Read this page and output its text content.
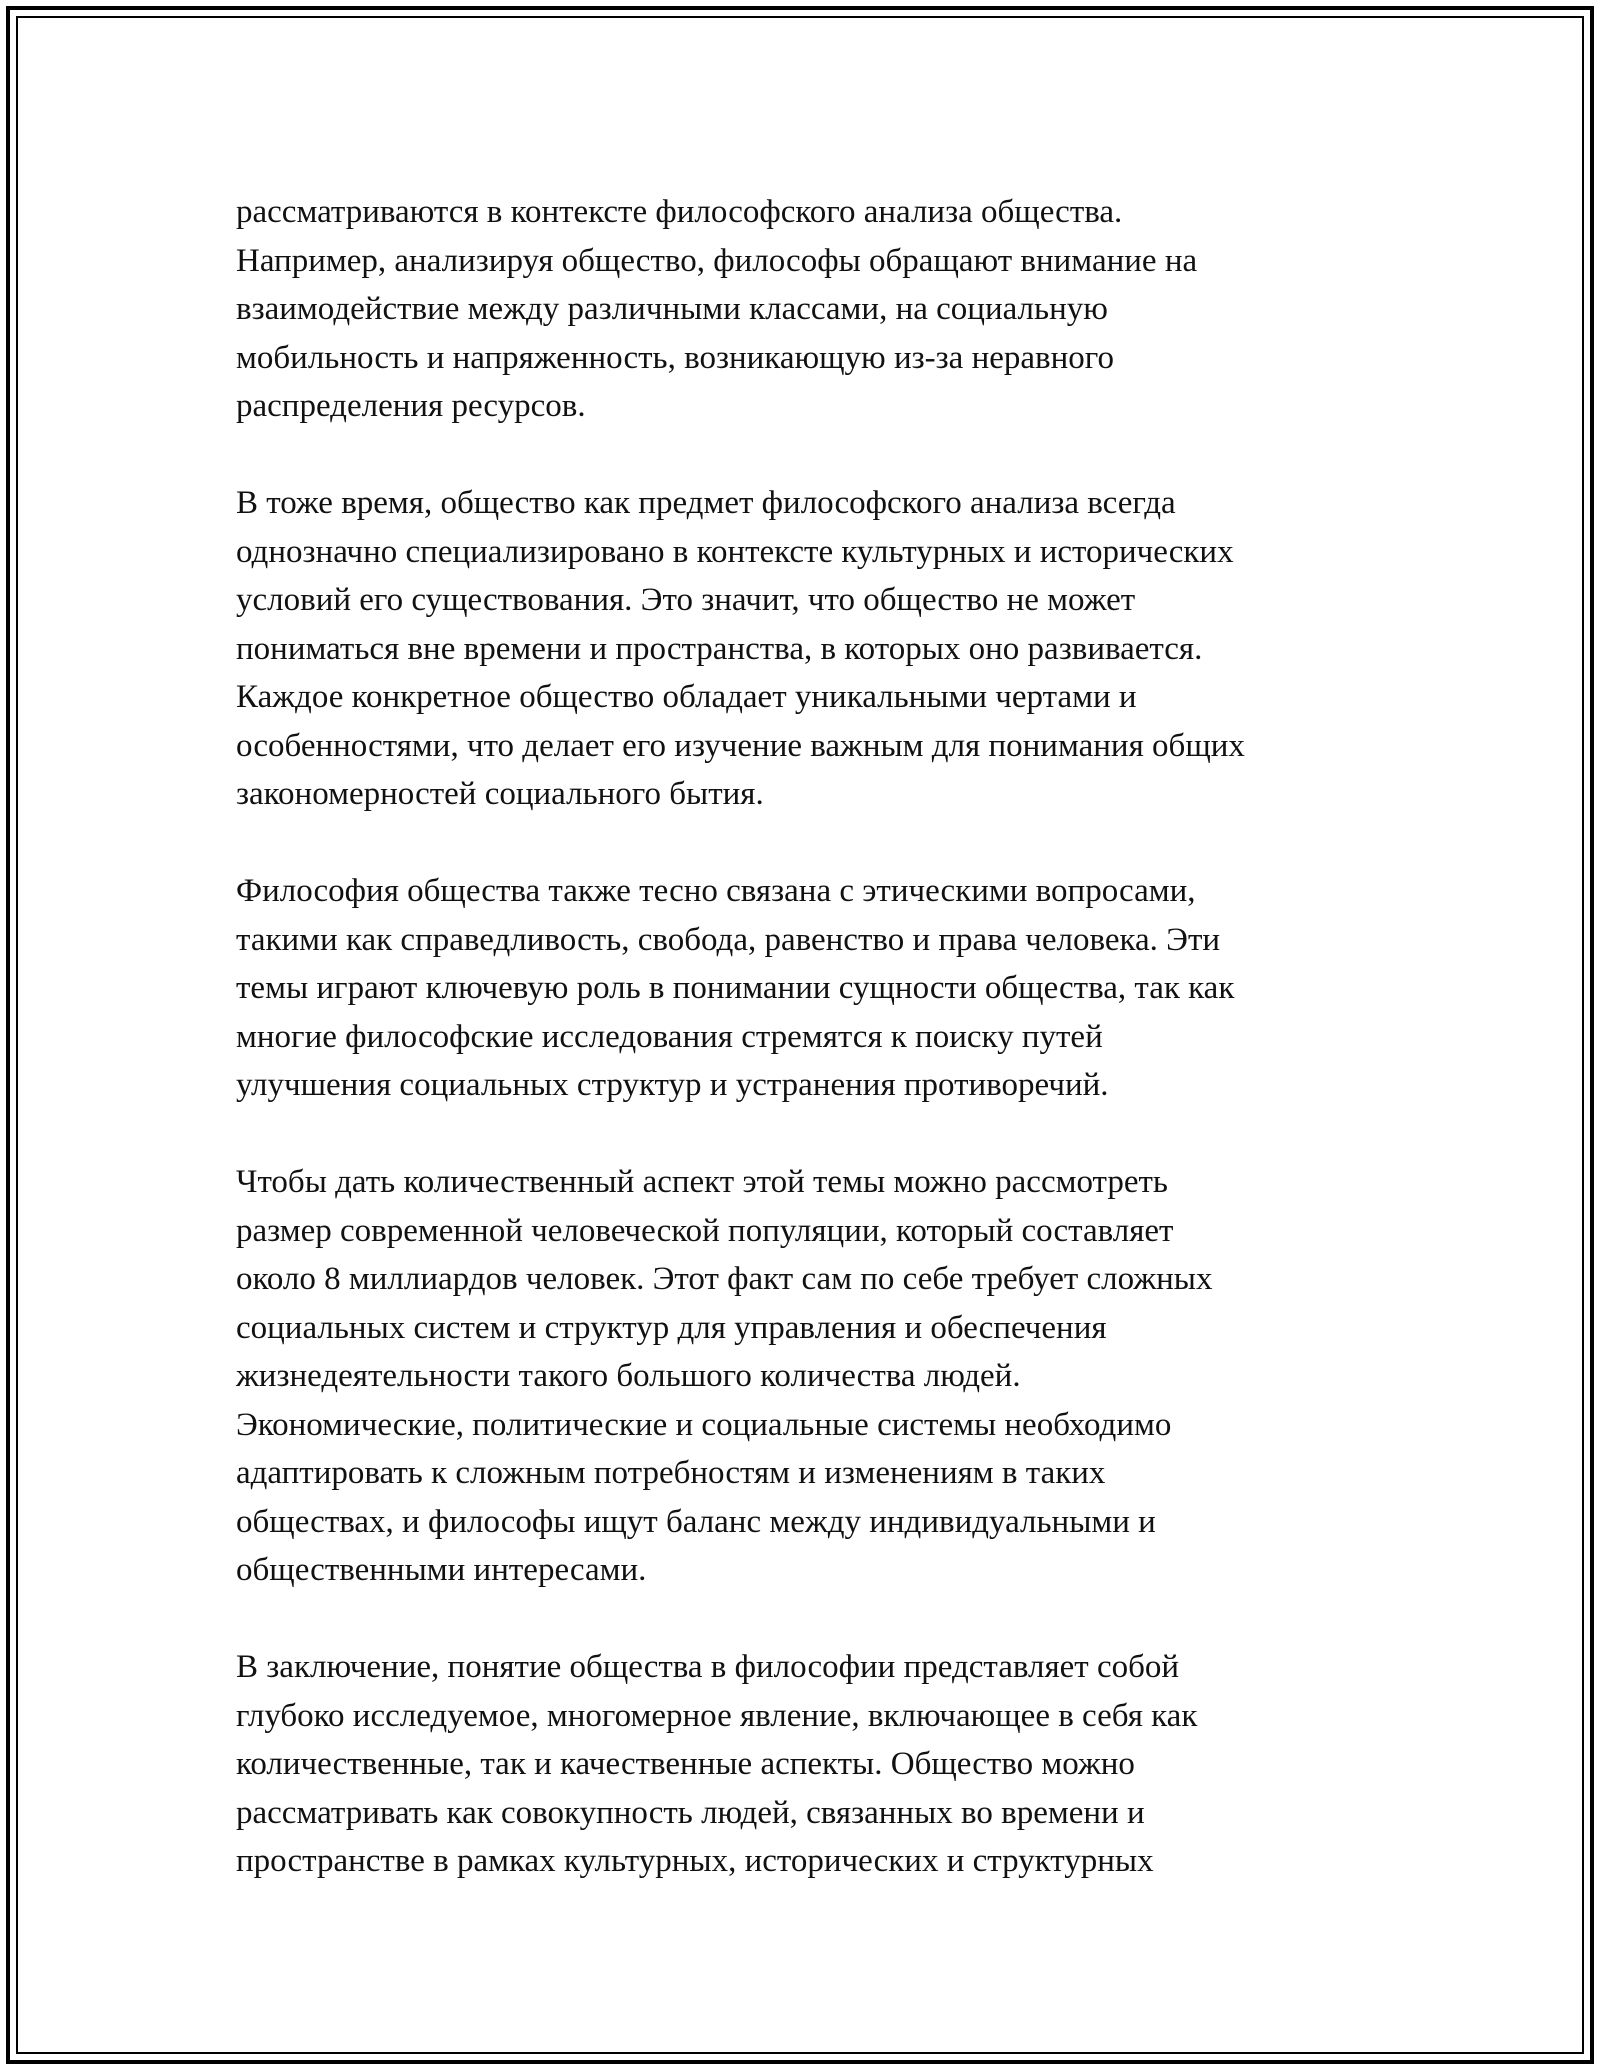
рассматриваются в контексте философского анализа общества.
Например, анализируя общество, философы обращают внимание на
взаимодействие между различными классами, на социальную
мобильность и напряженность, возникающую из-за неравного
распределения ресурсов.

В тоже время, общество как предмет философского анализа всегда
однозначно специализировано в контексте культурных и исторических
условий его существования. Это значит, что общество не может
пониматься вне времени и пространства, в которых оно развивается.
Каждое конкретное общество обладает уникальными чертами и
особенностями, что делает его изучение важным для понимания общих
закономерностей социального бытия.

Философия общества также тесно связана с этическими вопросами,
такими как справедливость, свобода, равенство и права человека. Эти
темы играют ключевую роль в понимании сущности общества, так как
многие философские исследования стремятся к поиску путей
улучшения социальных структур и устранения противоречий.

Чтобы дать количественный аспект этой темы можно рассмотреть
размер современной человеческой популяции, который составляет
около 8 миллиардов человек. Этот факт сам по себе требует сложных
социальных систем и структур для управления и обеспечения
жизнедеятельности такого большого количества людей.
Экономические, политические и социальные системы необходимо
адаптировать к сложным потребностям и изменениям в таких
обществах, и философы ищут баланс между индивидуальными и
общественными интересами.

В заключение, понятие общества в философии представляет собой
глубоко исследуемое, многомерное явление, включающее в себя как
количественные, так и качественные аспекты. Общество можно
рассматривать как совокупность людей, связанных во времени и
пространстве в рамках культурных, исторических и структурных
